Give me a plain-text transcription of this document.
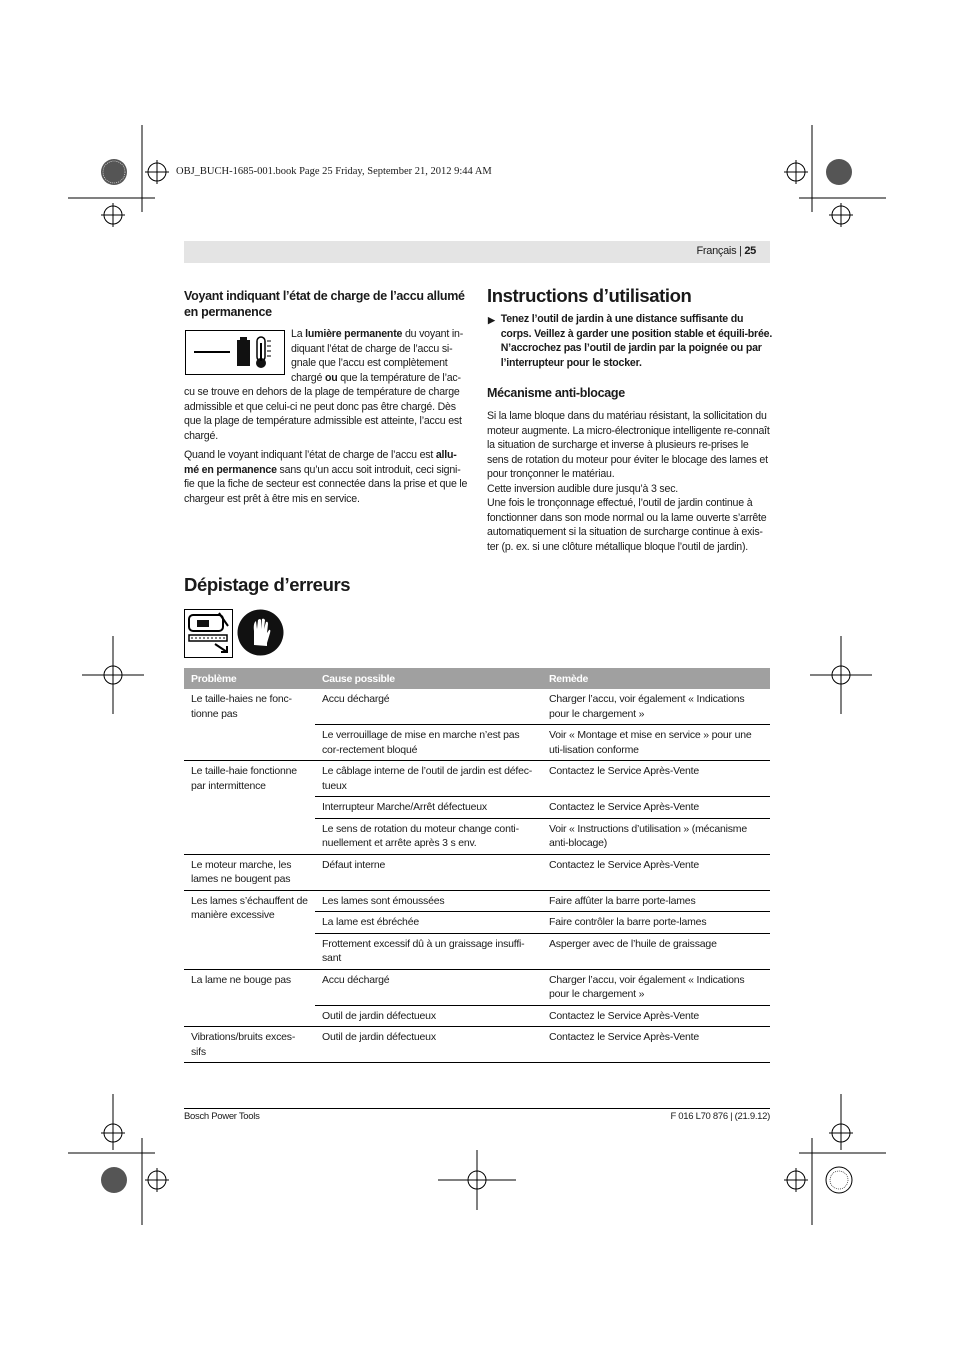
OBJ_BUCH-1685-001.book Page 25 Friday, September 21, 2012 9:44 AM
Français | 25
Voyant indiquant l’état de charge de l’accu allumé en permanence

La lumière permanente du voyant in-

diquant l’état de charge de l’accu si-

gnale que l’accu est complètement

chargé ou que la température de l’ac-

cu se trouve en dehors de la plage de température de charge admissible et que celui-ci ne peut donc pas être chargé. Dès que la plage de température admissible est atteinte, l’accu est chargé.
Quand le voyant indiquant l’état de charge de l’accu est allu-mé en permanence sans qu’un accu soit introduit, ceci signi-fie que la fiche de secteur est connectée dans la prise et que le chargeur est prêt à être mis en service.
Instructions d’utilisation
▶ Tenez l’outil de jardin à une distance suffisante du corps. Veillez à garder une position stable et équili-brée. N’accrochez pas l’outil de jardin par la poignée ou par l’interrupteur pour le stocker.
Mécanisme anti-blocage

Si la lame bloque dans du matériau résistant, la sollicitation du moteur augmente. La micro-électronique intelligente re-connaît la situation de surcharge et inverse à plusieurs re-prises le sens de rotation du moteur pour éviter le blocage des lames et pour tronçonner le matériau.

Cette inversion audible dure jusqu’à 3 sec.

Une fois le tronçonnage effectué, l’outil de jardin continue à fonctionner dans son mode normal ou la lame ouverte s’arrête automatiquement si la situation de surcharge continue à exis-ter (p. ex. si une clôture métallique bloque l’outil de jardin).

Dépistage d’erreurs
Problème	Cause possible	Remède
Le taille-haies ne fonc-tionne pas	Accu déchargé	Charger l’accu, voir également « Indications pour le chargement »
	Le verrouillage de mise en marche n’est pas cor-rectement bloqué	Voir « Montage et mise en service » pour une uti-lisation conforme
Le taille-haie fonctionne par intermittence	Le câblage interne de l’outil de jardin est défec-tueux	Contactez le Service Après-Vente
	Interrupteur Marche/Arrêt défectueux	Contactez le Service Après-Vente
	Le sens de rotation du moteur change conti-nuellement et arrête après 3 s env.	Voir « Instructions d’utilisation » (mécanisme anti-blocage)
Le moteur marche, les lames ne bougent pas	Défaut interne	Contactez le Service Après-Vente
Les lames s’échauffent de manière excessive	Les lames sont émoussées	Faire affûter la barre porte-lames
	La lame est ébréchée	Faire contrôler la barre porte-lames
	Frottement excessif dû à un graissage insuffi-sant	Asperger avec de l’huile de graissage
La lame ne bouge pas	Accu déchargé	Charger l’accu, voir également « Indications pour le chargement »
	Outil de jardin défectueux	Contactez le Service Après-Vente
Vibrations/bruits exces-sifs	Outil de jardin défectueux	Contactez le Service Après-Vente
Bosch Power Tools	F 016 L70 876 | (21.9.12)
